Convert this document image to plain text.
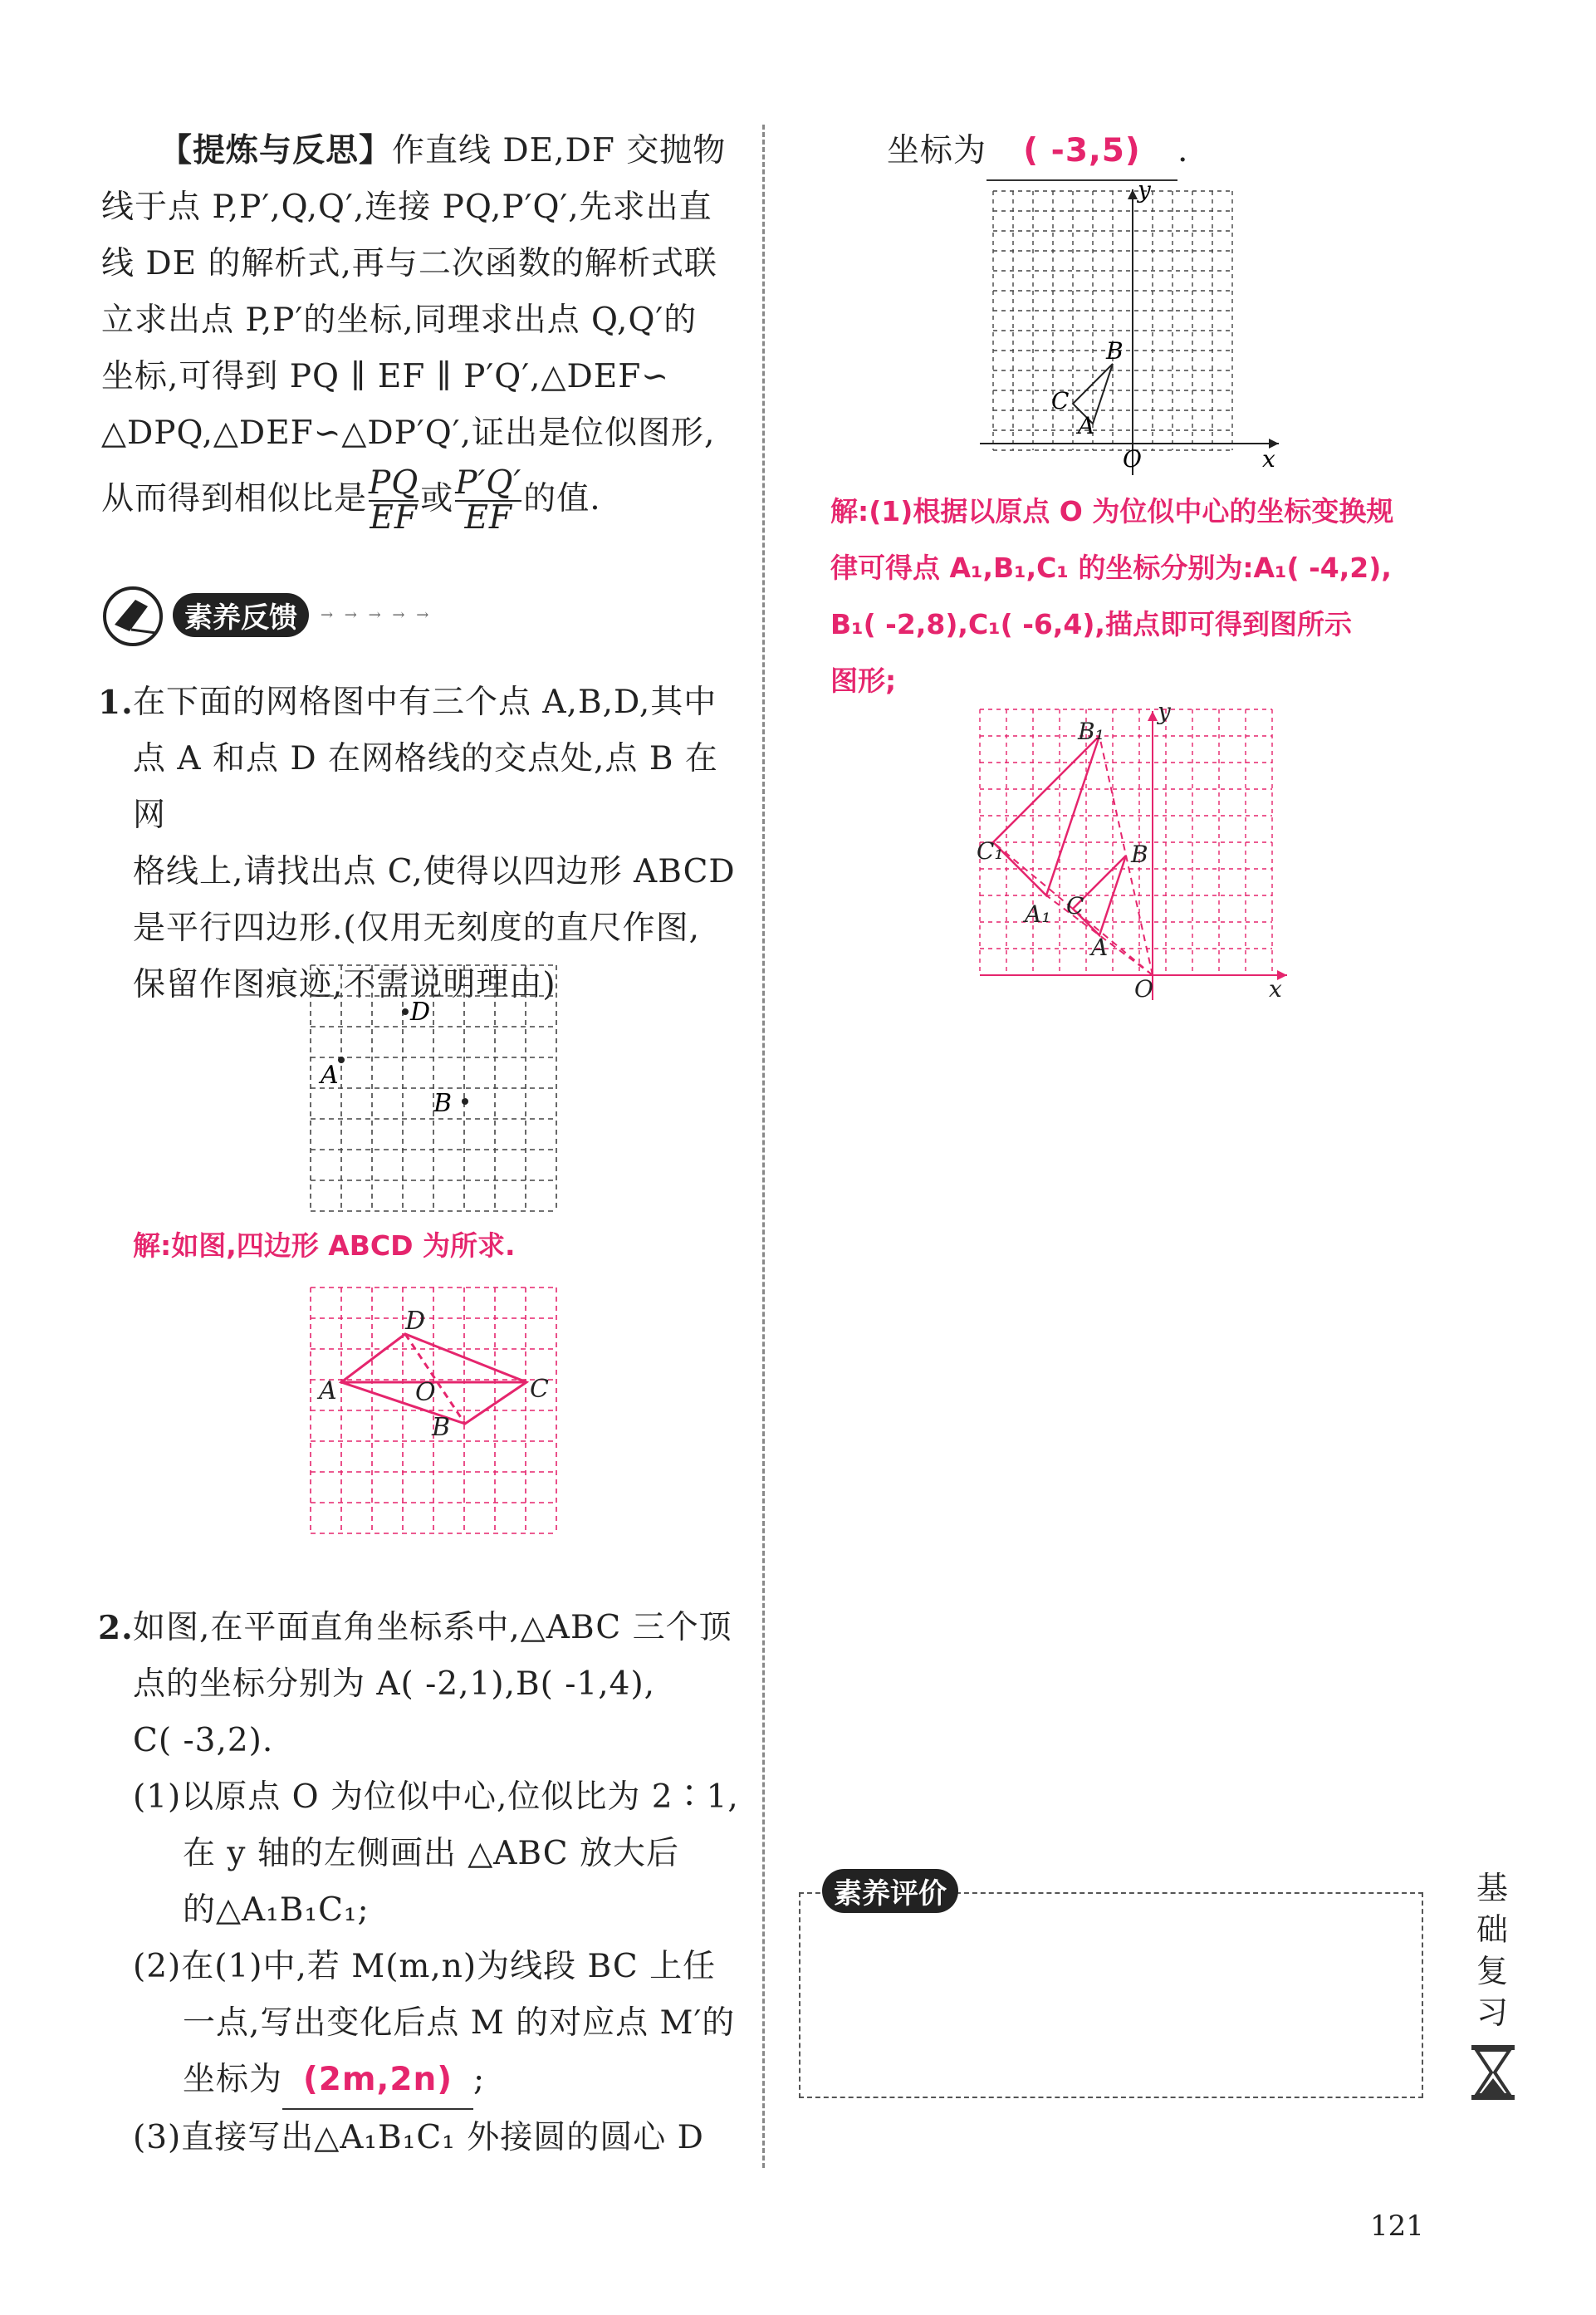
【提炼与反思】作直线 DE,DF 交抛物
线于点 P,P′,Q,Q′,连接 PQ,P′Q′,先求出直
线 DE 的解析式,再与二次函数的解析式联
立求出点 P,P′的坐标,同理求出点 Q,Q′的
坐标,可得到 PQ ∥ EF ∥ P′Q′,△DEF∽
△DPQ,△DEF∽△DP′Q′,证出是位似图形,
从而得到相似比是 $\frac{PQ}{EF}$ 或 $\frac{P'Q'}{EF}$ 的值.
素养反馈	→ → → → →
1. 在下面的网格图中有三个点 A,B,D,其中
点 A 和点 D 在网格线的交点处,点 B 在网
格线上,请找出点 C,使得以四边形 ABCD
是平行四边形.(仅用无刻度的直尺作图,
保留作图痕迹,不需说明理由)
D
A
B
解:如图,四边形 ABCD 为所求.
D
A	O
B
C
2. 如图,在平面直角坐标系中,△ABC 三个顶
点的坐标分别为 A( -2,1),B( -1,4),
C( -3,2).
(1)以原点 O 为位似中心,位似比为 2∶1,
在 y 轴的左侧画出 △ABC 放大后
的△A₁B₁C₁;
(2)在(1)中,若 M(m,n)为线段 BC 上任
一点,写出变化后点 M 的对应点 M′的
坐标为 (2m,2n) ;
(3)直接写出△A₁B₁C₁ 外接圆的圆心 D
坐标为 ( -3,5) .
y
B
C
A
O	x
解:(1)根据以原点 O 为位似中心的坐标变换规
律可得点 A₁,B₁,C₁ 的坐标分别为:A₁( -4,2),
B₁( -2,8),C₁( -6,4),描点即可得到图所示
图形;
y
B₁
C₁	B
C
A₁
A
O	x
素养评价	基
础
复
习
121
